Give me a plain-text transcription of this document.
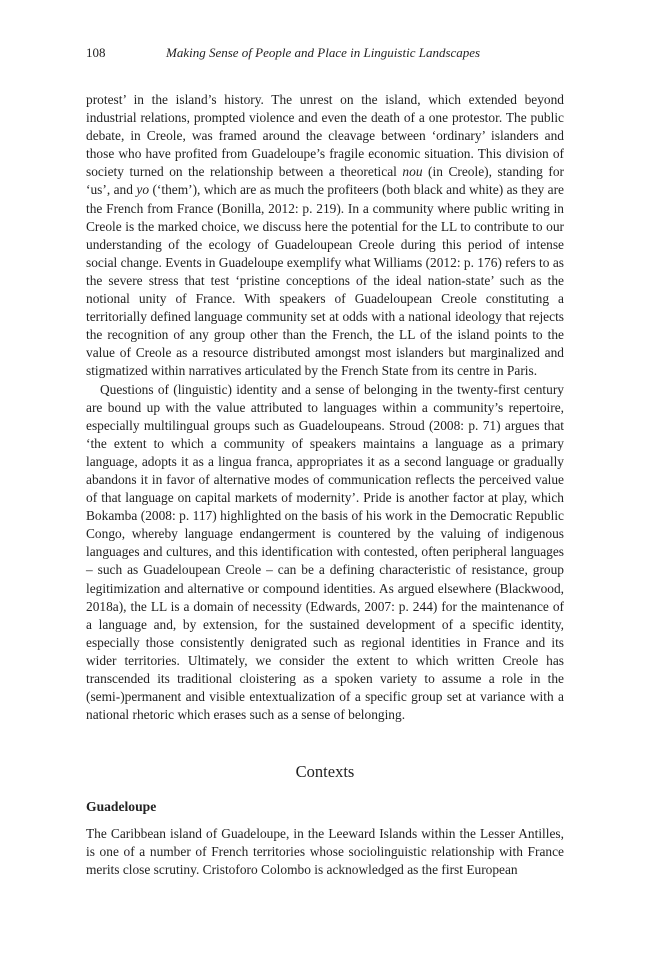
108	Making Sense of People and Place in Linguistic Landscapes

protest’ in the island’s history. The unrest on the island, which extended beyond industrial relations, prompted violence and even the death of a one protestor. The public debate, in Creole, was framed around the cleavage between ‘ordinary’ islanders and those who have profited from Guadeloupe’s fragile economic situation. This division of society turned on the relationship between a theoretical nou (in Creole), standing for ‘us’, and yo (‘them’), which are as much the profiteers (both black and white) as they are the French from France (Bonilla, 2012: p. 219). In a community where public writing in Creole is the marked choice, we discuss here the potential for the LL to contribute to our understanding of the ecology of Guadeloupean Creole during this period of intense social change. Events in Guadeloupe exemplify what Williams (2012: p. 176) refers to as the severe stress that test ‘pristine conceptions of the ideal nation-state’ such as the notional unity of France. With speakers of Guadeloupean Creole constituting a territorially defined language community set at odds with a national ideology that rejects the recognition of any group other than the French, the LL of the island points to the value of Creole as a resource distributed amongst most islanders but marginalized and stigmatized within narratives articulated by the French State from its centre in Paris.

Questions of (linguistic) identity and a sense of belonging in the twenty-first century are bound up with the value attributed to languages within a community’s repertoire, especially multilingual groups such as Guadeloupeans. Stroud (2008: p. 71) argues that ‘the extent to which a community of speakers maintains a language as a primary language, adopts it as a lingua franca, appropriates it as a second language or gradually abandons it in favor of alternative modes of communication reflects the perceived value of that language on capital markets of modernity’. Pride is another factor at play, which Bokamba (2008: p. 117) highlighted on the basis of his work in the Democratic Republic Congo, whereby language endangerment is countered by the valuing of indigenous languages and cultures, and this identification with contested, often peripheral languages – such as Guadeloupean Creole – can be a defining characteristic of resistance, group legitimization and alternative or compound identities. As argued elsewhere (Blackwood, 2018a), the LL is a domain of necessity (Edwards, 2007: p. 244) for the maintenance of a language and, by extension, for the sustained development of a specific identity, especially those consistently denigrated such as regional identities in France and its wider territories. Ultimately, we consider the extent to which written Creole has transcended its traditional cloistering as a spoken variety to assume a role in the (semi-)permanent and visible entextualization of a specific group set at variance with a national rhetoric which erases such as a sense of belonging.

Contexts
Guadeloupe

The Caribbean island of Guadeloupe, in the Leeward Islands within the Lesser Antilles, is one of a number of French territories whose sociolinguistic relationship with France merits close scrutiny. Cristoforo Colombo is acknowledged as the first European
